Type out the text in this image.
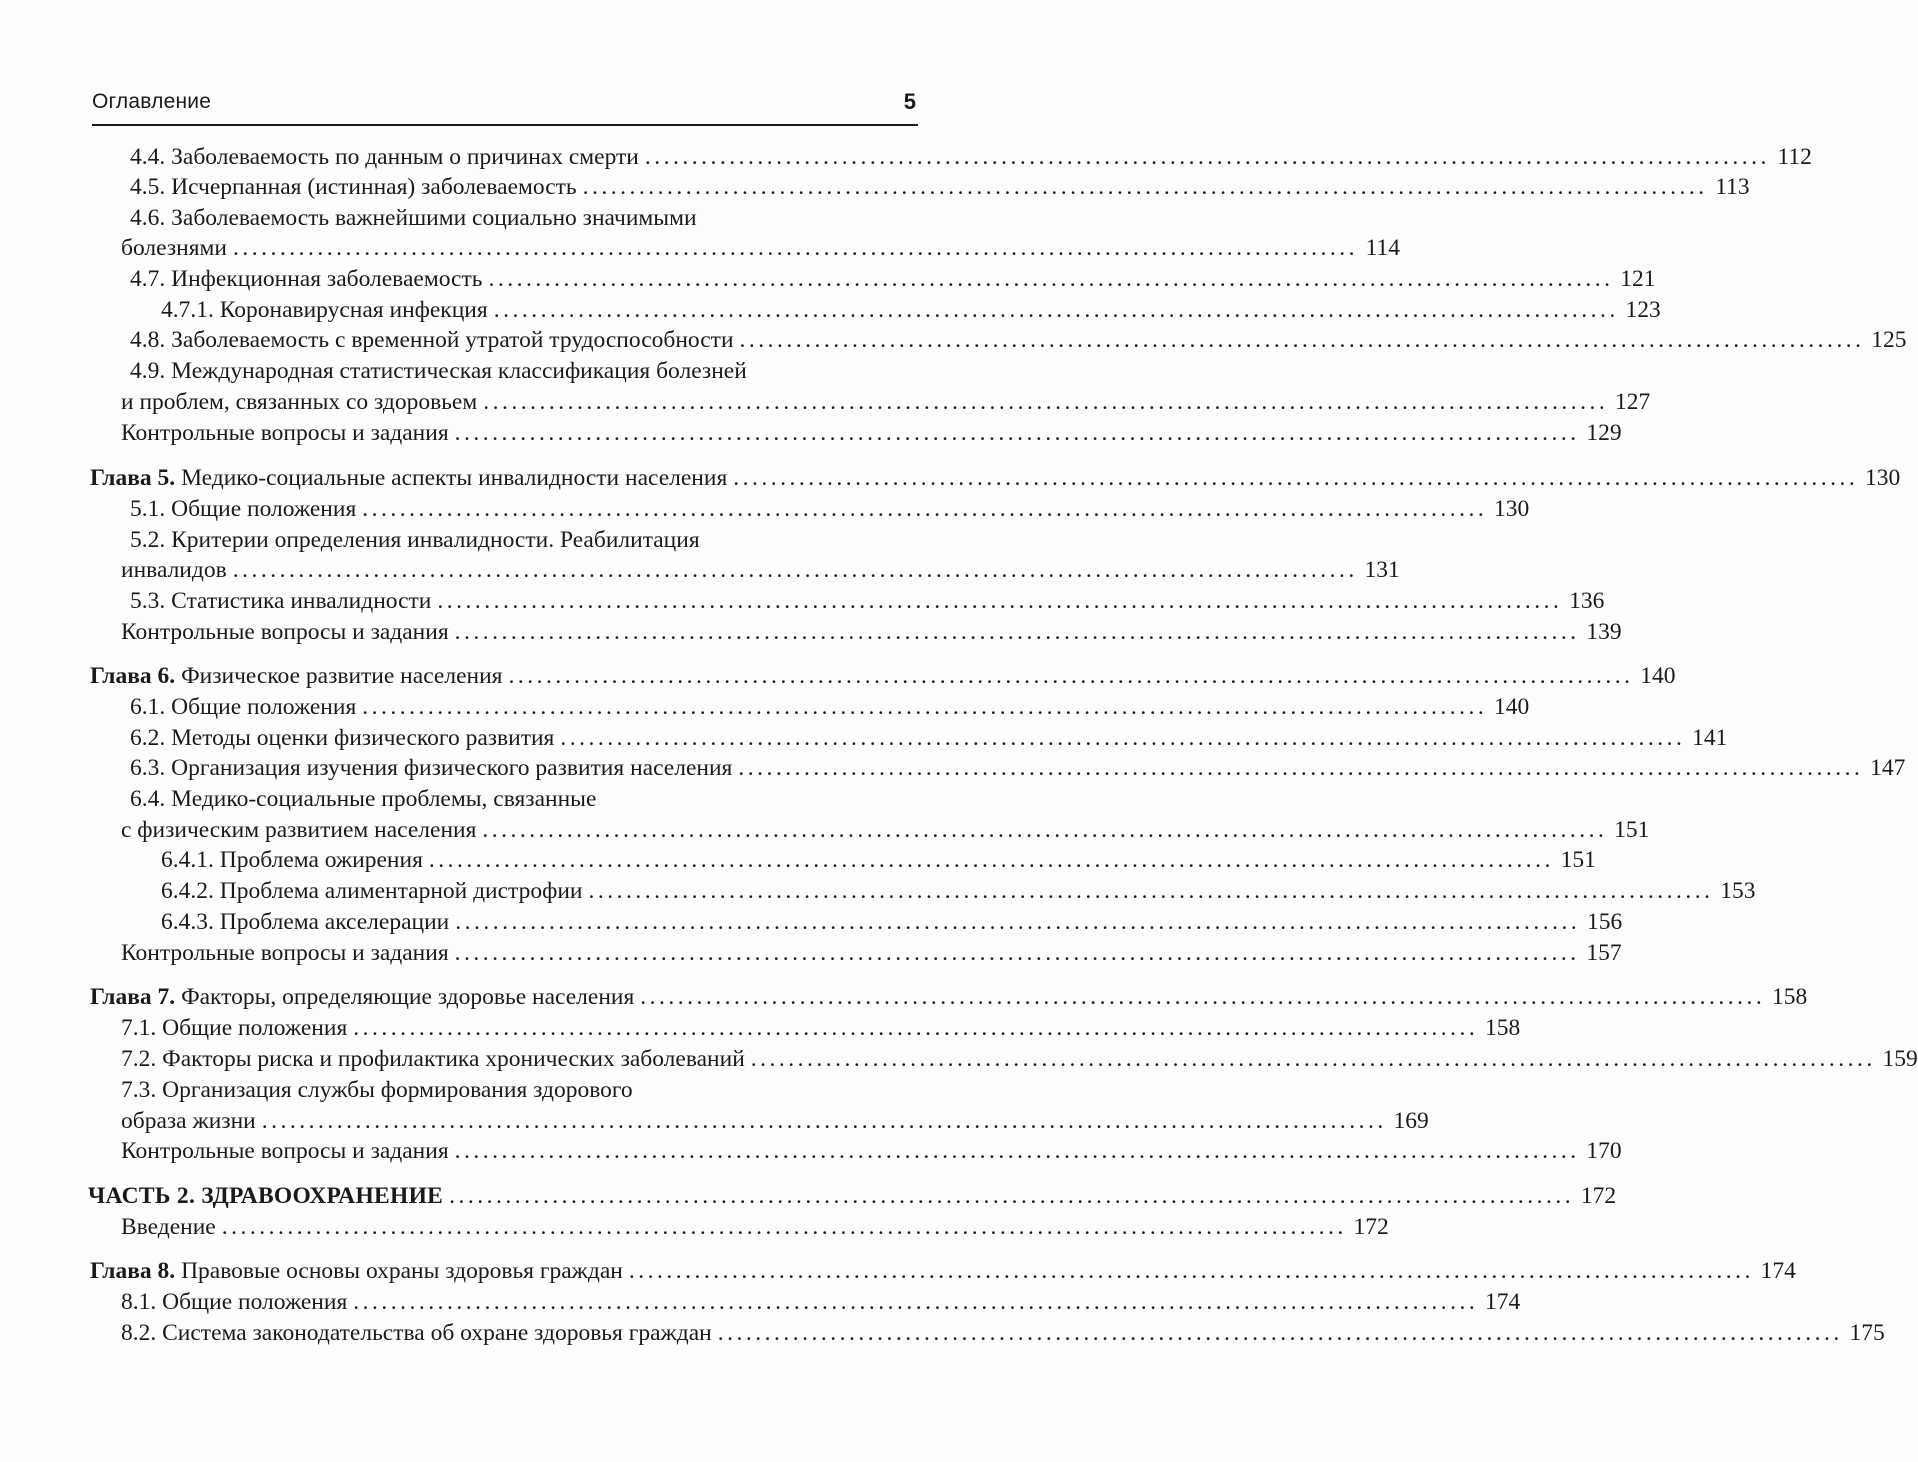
Оглавление	5
4.4. Заболеваемость по данным о причинах смерти ........................................................................................................................ 112
4.5. Исчерпанная (истинная) заболеваемость ........................................................................................................................ 113
4.6. Заболеваемость важнейшими социально значимыми
болезнями ........................................................................................................................ 114
4.7. Инфекционная заболеваемость ........................................................................................................................ 121
4.7.1. Коронавирусная инфекция ........................................................................................................................ 123
4.8. Заболеваемость с временной утратой трудоспособности ........................................................................................................................ 125
4.9. Международная статистическая классификация болезней
и проблем, связанных со здоровьем ........................................................................................................................ 127
Контрольные вопросы и задания ........................................................................................................................ 129
Глава 5.
Медико-социальные аспекты инвалидности населения ........................................................................................................................ 130
5.1. Общие положения ........................................................................................................................ 130
5.2. Критерии определения инвалидности. Реабилитация
инвалидов ........................................................................................................................ 131
5.3. Статистика инвалидности ........................................................................................................................ 136
Контрольные вопросы и задания ........................................................................................................................ 139
Глава 6.
Физическое развитие населения ........................................................................................................................ 140
6.1. Общие положения ........................................................................................................................ 140
6.2. Методы оценки физического развития ........................................................................................................................ 141
6.3. Организация изучения физического развития населения ........................................................................................................................ 147
6.4. Медико-социальные проблемы, связанные
с физическим развитием населения ........................................................................................................................ 151
6.4.1. Проблема ожирения ........................................................................................................................ 151
6.4.2. Проблема алиментарной дистрофии ........................................................................................................................ 153
6.4.3. Проблема акселерации ........................................................................................................................ 156
Контрольные вопросы и задания ........................................................................................................................ 157
Глава 7.
Факторы, определяющие здоровье населения ........................................................................................................................ 158
7.1. Общие положения ........................................................................................................................ 158
7.2. Факторы риска и профилактика хронических заболеваний ........................................................................................................................ 159
7.3. Организация службы формирования здорового
образа жизни ........................................................................................................................ 169
Контрольные вопросы и задания ........................................................................................................................ 170
ЧАСТЬ 2. ЗДРАВООХРАНЕНИЕ ........................................................................................................................ 172
Введение ........................................................................................................................ 172
Глава 8.
Правовые основы охраны здоровья граждан ........................................................................................................................ 174
8.1. Общие положения ........................................................................................................................ 174
8.2. Система законодательства об охране здоровья граждан ........................................................................................................................ 175
